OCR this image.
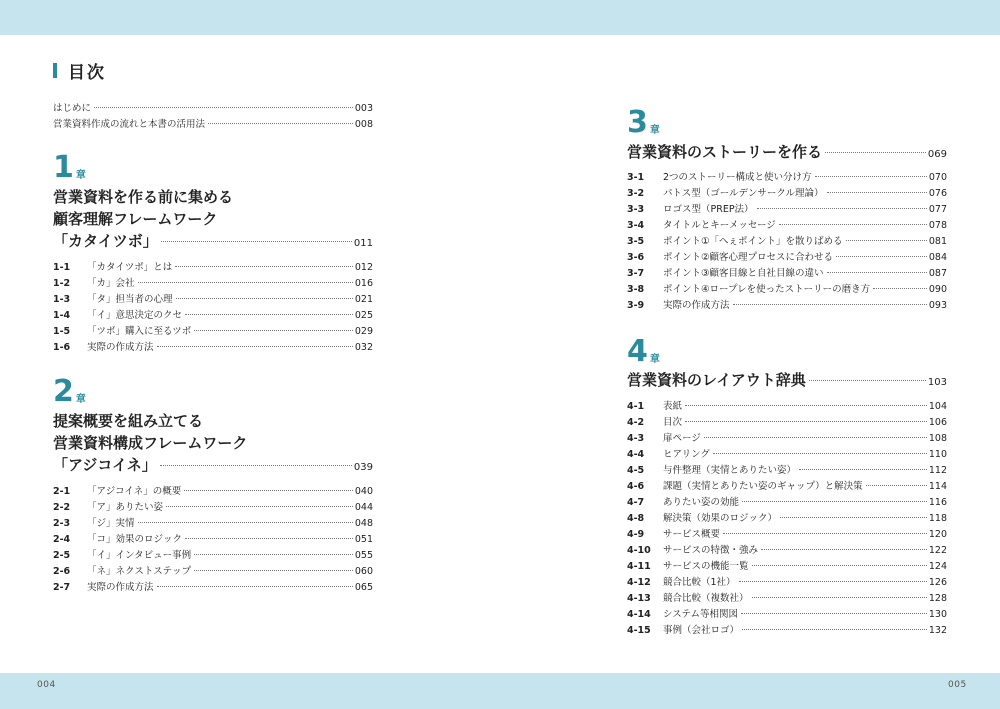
004	005
目次
はじめに	003
営業資料作成の流れと本書の活用法	008
1 章
営業資料を作る前に集める
顧客理解フレームワーク
「カタイツボ」	011
1-1	「カタイツボ」とは	012
1-2	「カ」会社	016
1-3	「タ」担当者の心理	021
1-4	「イ」意思決定のクセ	025
1-5	「ツボ」購入に至るツボ	029
1-6	実際の作成方法	032
2 章
提案概要を組み立てる
営業資料構成フレームワーク
「アジコイネ」	039
2-1	「アジコイネ」の概要	040
2-2	「ア」ありたい姿	044
2-3	「ジ」実情	048
2-4	「コ」効果のロジック	051
2-5	「イ」インタビュー事例	055
2-6	「ネ」ネクストステップ	060
2-7	実際の作成方法	065
3 章
営業資料のストーリーを作る	069
3-1	2つのストーリー構成と使い分け方	070
3-2	パトス型（ゴールデンサークル理論）	076
3-3	ロゴス型（PREP法）	077
3-4	タイトルとキーメッセージ	078
3-5	ポイント①「へぇポイント」を散りばめる	081
3-6	ポイント②顧客心理プロセスに合わせる	084
3-7	ポイント③顧客目線と自社目線の違い	087
3-8	ポイント④ロープレを使ったストーリーの磨き方	090
3-9	実際の作成方法	093
4 章
営業資料のレイアウト辞典	103
4-1	表紙	104
4-2	目次	106
4-3	扉ページ	108
4-4	ヒアリング	110
4-5	与件整理（実情とありたい姿）	112
4-6	課題（実情とありたい姿のギャップ）と解決策	114
4-7	ありたい姿の効能	116
4-8	解決策（効果のロジック）	118
4-9	サービス概要	120
4-10	サービスの特徴・強み	122
4-11	サービスの機能一覧	124
4-12	競合比較（1社）	126
4-13	競合比較（複数社）	128
4-14	システム等相関図	130
4-15	事例（会社ロゴ）	132
